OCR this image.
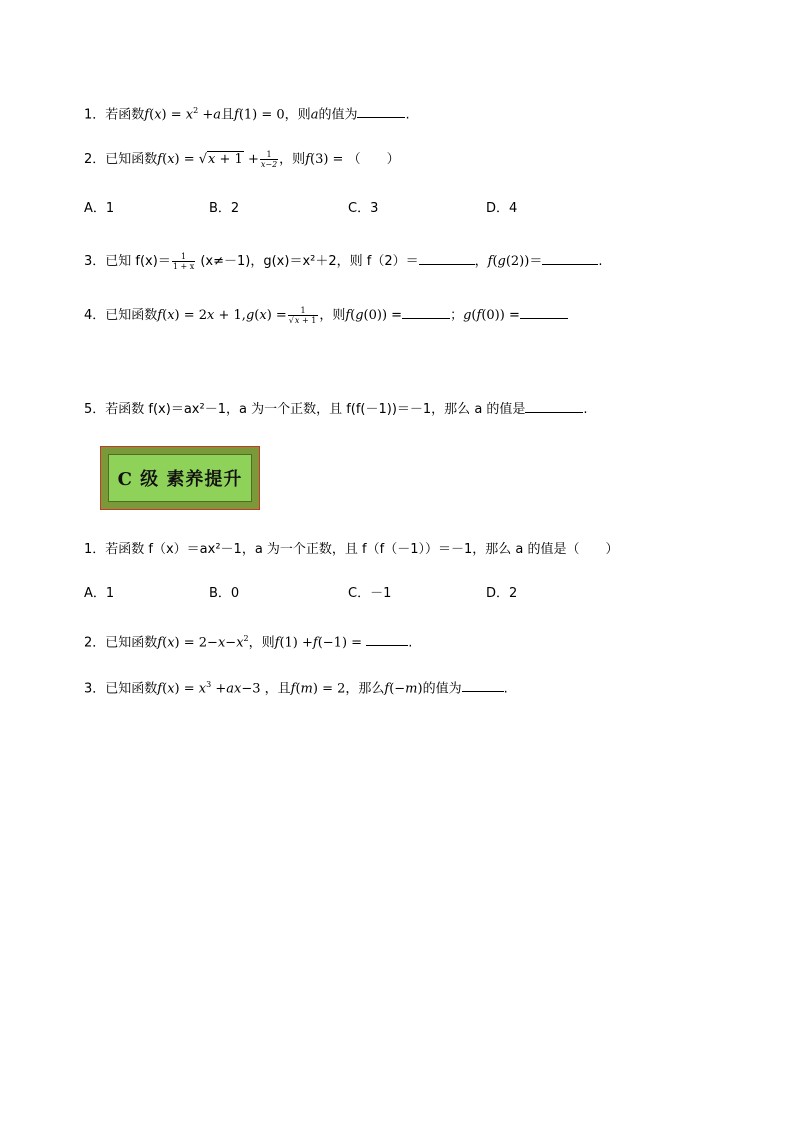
1．若函数$f(x) = x^2 +a$且f(1) = 0，则a的值为	.
2．已知函数$f(x) = √x + 1 + \frac{1}{x-2}$ ，则f(3) = （　　）
A．1	B．2	C．3	D．4
3．已知 $f(x)= \frac{1}{1 + x} (x\ne-1)$，g(x)＝x²＋2，则 f（2）＝	，f(g(2))＝	.
4．已知函数$f(x) = 2x + 1,g(x) = \frac{1}{√x + 1}$ ，则f(g(0)) =	；g(f(0)) =
5．若函数 f(x)＝ax²－1，a 为一个正数，且 f(f(－1))＝－1，那么 a 的值是	.
C 级 素养提升
1．若函数 f（x）＝ax²－1，a 为一个正数，且 f（f（－1））＝－1，那么 a 的值是（　　）
A．1	B．0	C．－1	D．2
2．已知函数$f(x) = 2-x-x^2$，则f(1) +f(−1) =	.
3．已知函数$f(x) = x^3 +ax-3$ ，且f(m) = 2，那么f(−m)的值为	.
